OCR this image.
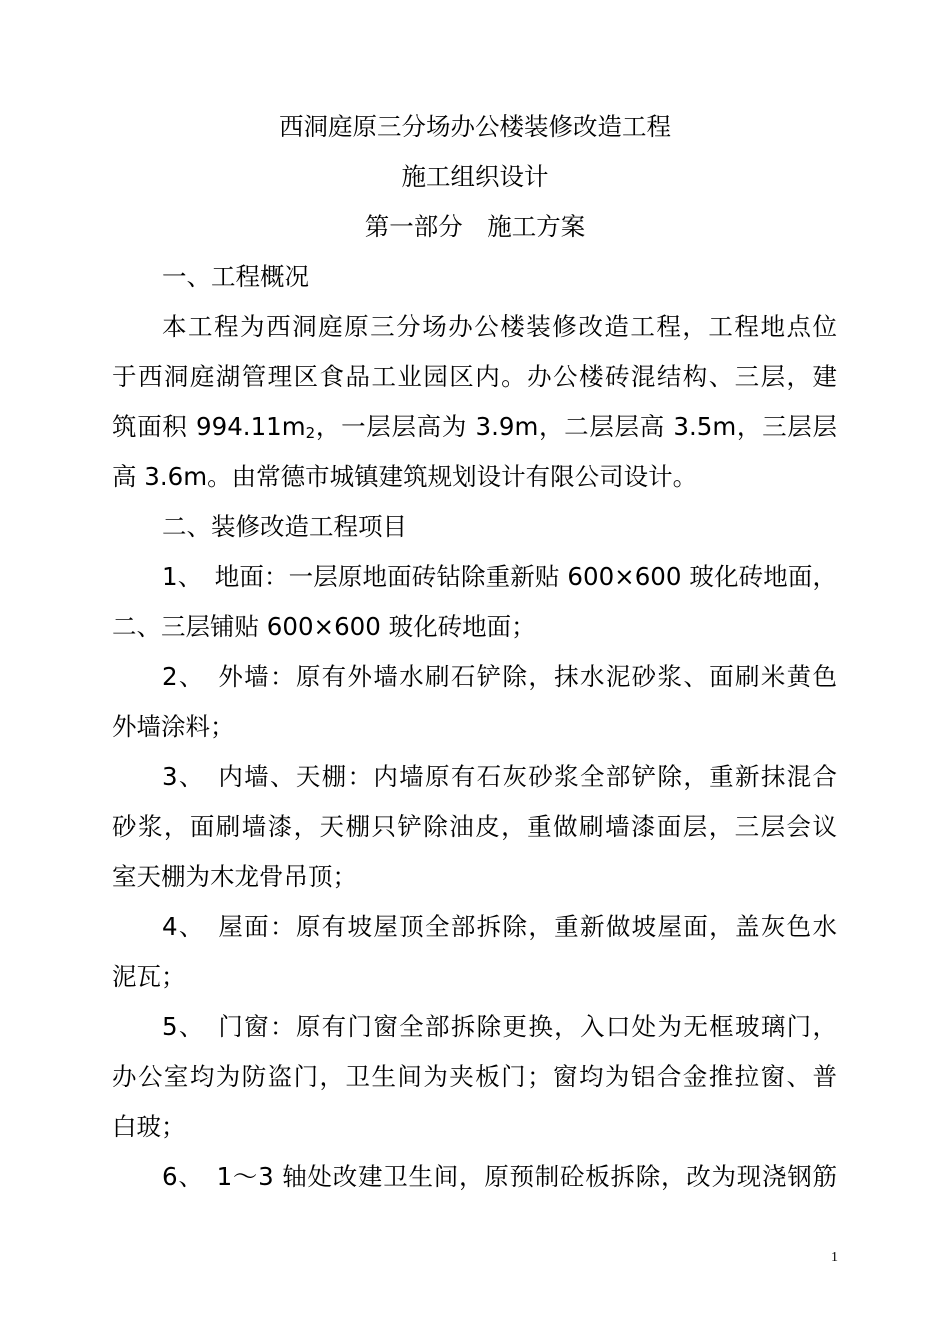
西洞庭原三分场办公楼装修改造工程
施工组织设计
第一部分　施工方案
一、工程概况
本工程为西洞庭原三分场办公楼装修改造工程，工程地点位
于西洞庭湖管理区食品工业园区内。办公楼砖混结构、三层，建
筑面积 $994.11m_2$，一层层高为 3.9m，二层层高 3.5m，三层层
高 3.6m。由常德市城镇建筑规划设计有限公司设计。
二、装修改造工程项目
1、　地面：一层原地面砖钻除重新贴 600×600 玻化砖地面，
二、三层铺贴 600×600 玻化砖地面；
2、　外墙：原有外墙水刷石铲除，抹水泥砂浆、面刷米黄色
外墙涂料；
3、　内墙、天棚：内墙原有石灰砂浆全部铲除，重新抹混合
砂浆，面刷墙漆，天棚只铲除油皮，重做刷墙漆面层，三层会议
室天棚为木龙骨吊顶；
4、　屋面：原有坡屋顶全部拆除，重新做坡屋面，盖灰色水
泥瓦；
5、　门窗：原有门窗全部拆除更换，入口处为无框玻璃门，
办公室均为防盗门，卫生间为夹板门；窗均为铝合金推拉窗、普
白玻；
6、　1～3 轴处改建卫生间，原预制砼板拆除，改为现浇钢筋
1
